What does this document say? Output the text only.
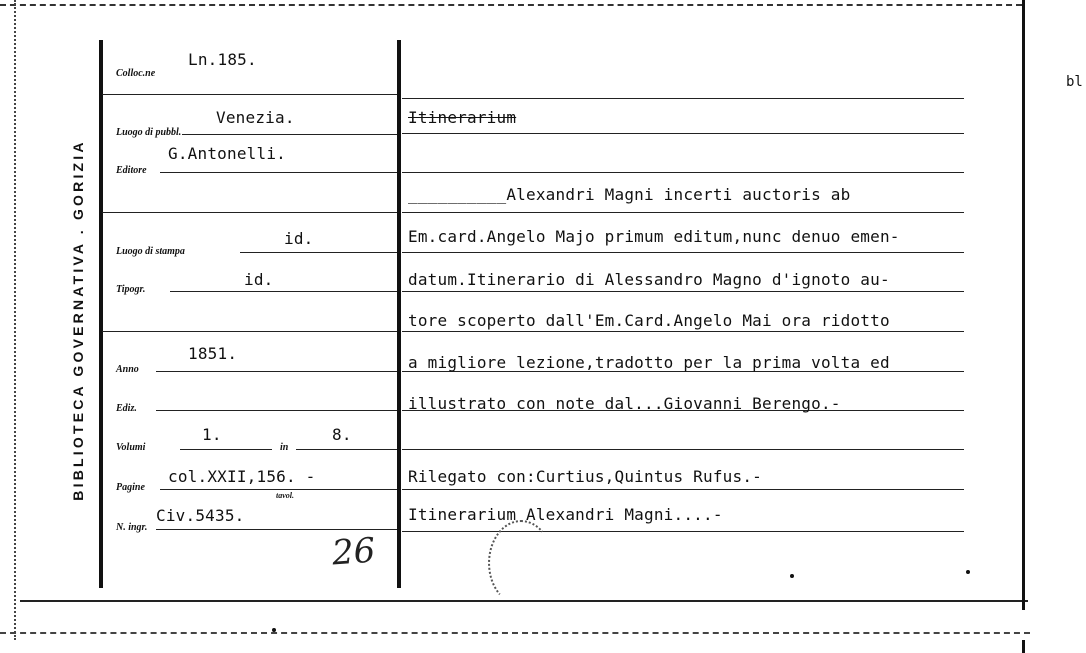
BIBLIOTECA GOVERNATIVA . GORIZIA
Colloc.ne
Ln.185.
Luogo di pubbl.
Venezia.
Editore
G.Antonelli.
Luogo di stampa
id.
Tipogr.
id.
Anno
1851.
Ediz.
Volumi
1.
in
8.
Pagine
col.XXII,156. -
tavol.
N. ingr.
Civ.5435.
26
Itinerarium
__________Alexandri Magni incerti auctoris ab
Em.card.Angelo Majo primum editum,nunc denuo emen-
datum.Itinerario di Alessandro Magno d'ignoto au-
tore scoperto dall'Em.Card.Angelo Mai ora ridotto
a migliore lezione,tradotto per la prima volta ed
illustrato con note dal...Giovanni Berengo.-
Rilegato con:Curtius,Quintus Rufus.-
Itinerarium Alexandri Magni....-
bl
